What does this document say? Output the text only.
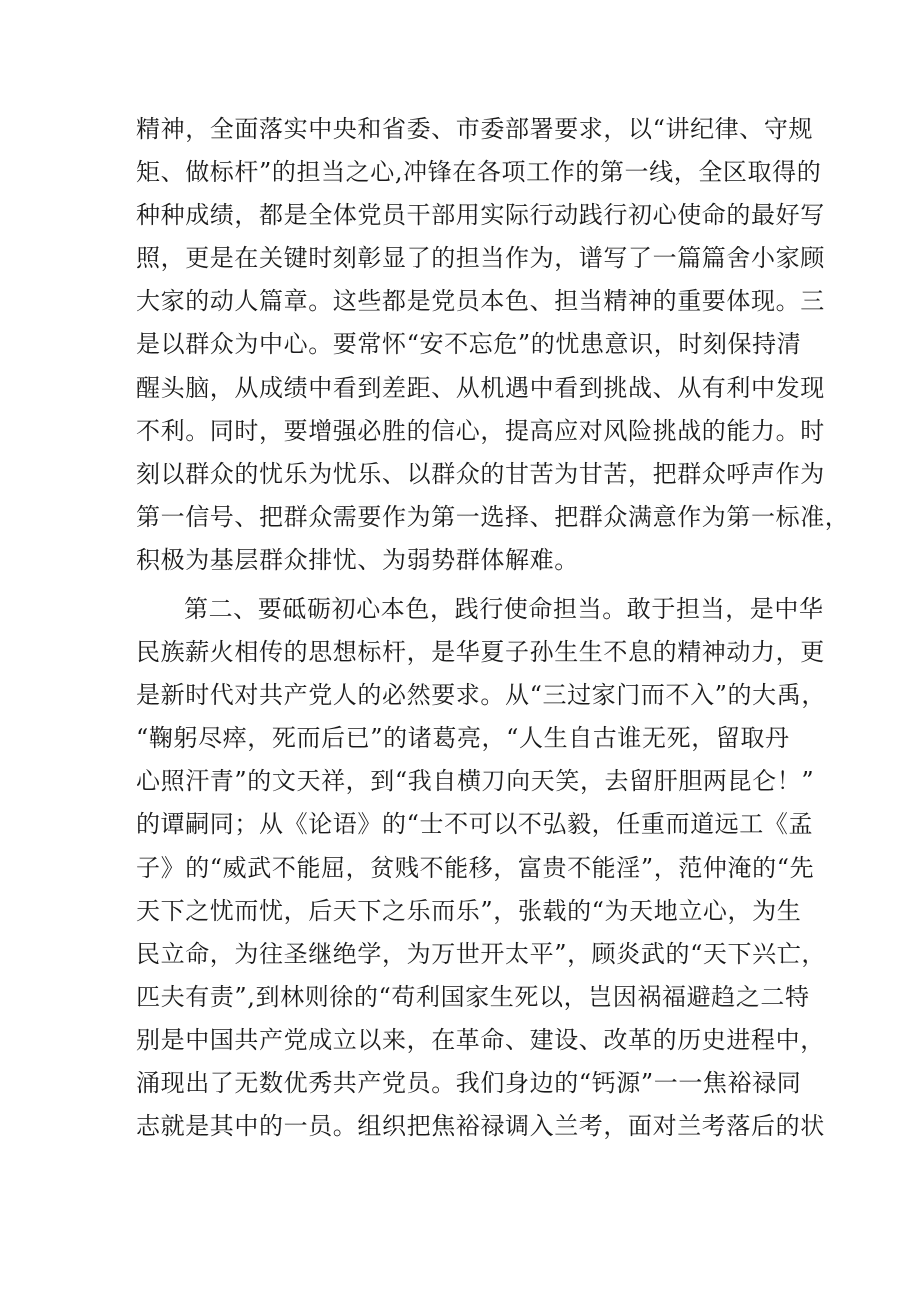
精神，全面落实中央和省委、市委部署要求，以“讲纪律、守规
矩、做标杆”的担当之心,冲锋在各项工作的第一线，全区取得的
种种成绩，都是全体党员干部用实际行动践行初心使命的最好写
照，更是在关键时刻彰显了的担当作为，谱写了一篇篇舍小家顾
大家的动人篇章。这些都是党员本色、担当精神的重要体现。三
是以群众为中心。要常怀“安不忘危”的忧患意识，时刻保持清
醒头脑，从成绩中看到差距、从机遇中看到挑战、从有利中发现
不利。同时，要增强必胜的信心，提高应对风险挑战的能力。时
刻以群众的忧乐为忧乐、以群众的甘苦为甘苦，把群众呼声作为
第一信号、把群众需要作为第一选择、把群众满意作为第一标准，
积极为基层群众排忧、为弱势群体解难。
第二、要砥砺初心本色，践行使命担当。敢于担当，是中华
民族薪火相传的思想标杆，是华夏子孙生生不息的精神动力，更
是新时代对共产党人的必然要求。从“三过家门而不入”的大禹，
“鞠躬尽瘁，死而后已”的诸葛亮，“人生自古谁无死，留取丹
心照汗青”的文天祥，到“我自横刀向天笑，去留肝胆两昆仑！”
的谭嗣同；从《论语》的“士不可以不弘毅，任重而道远工《孟
子》的“威武不能屈，贫贱不能移，富贵不能淫”，范仲淹的“先
天下之忧而忧，后天下之乐而乐”，张载的“为天地立心，为生
民立命，为往圣继绝学，为万世开太平”，顾炎武的“天下兴亡，
匹夫有责”,到林则徐的“苟利国家生死以，岂因祸福避趋之二特
别是中国共产党成立以来，在革命、建设、改革的历史进程中，
涌现出了无数优秀共产党员。我们身边的“钙源”一一焦裕禄同
志就是其中的一员。组织把焦裕禄调入兰考，面对兰考落后的状
